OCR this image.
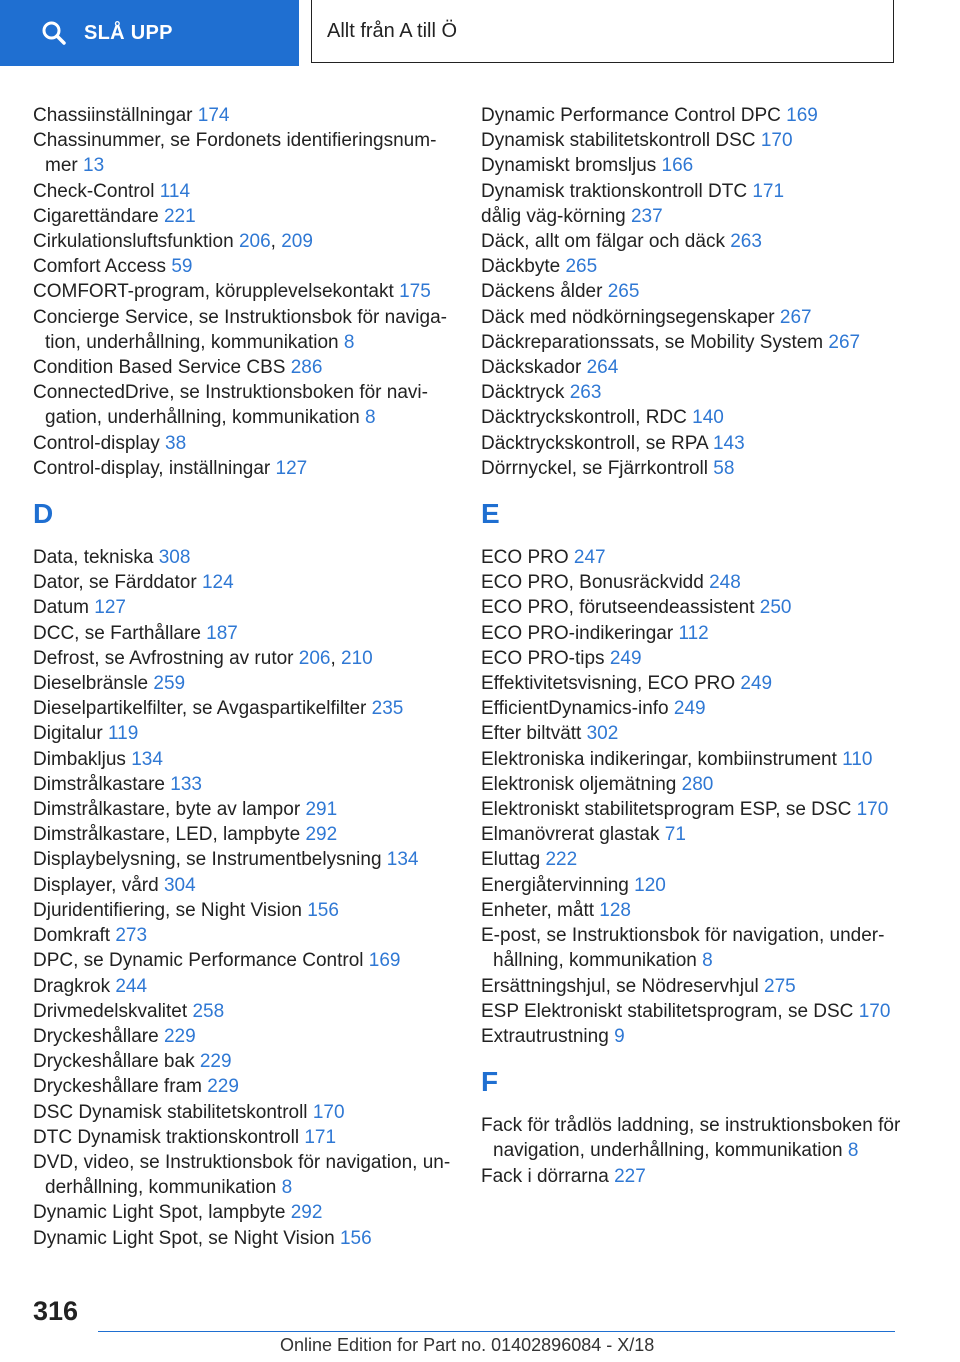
SLÅ UPP	Allt från A till Ö
Chassiinställningar 174
Chassinummer, se Fordonets identifieringsnum-mer 13
Check-Control 114
Cigarettändare 221
Cirkulationsluftsfunktion 206, 209
Comfort Access 59
COMFORT-program, körupplevelsekontakt 175
Concierge Service, se Instruktionsbok för naviga-tion, underhållning, kommunikation 8
Condition Based Service CBS 286
ConnectedDrive, se Instruktionsboken för navi-gation, underhållning, kommunikation 8
Control-display 38
Control-display, inställningar 127
D
Data, tekniska 308
Dator, se Färddator 124
Datum 127
DCC, se Farthållare 187
Defrost, se Avfrostning av rutor 206, 210
Dieselbränsle 259
Dieselpartikelfilter, se Avgaspartikelfilter 235
Digitalur 119
Dimbakljus 134
Dimstrålkastare 133
Dimstrålkastare, byte av lampor 291
Dimstrålkastare, LED, lampbyte 292
Displaybelysning, se Instrumentbelysning 134
Displayer, vård 304
Djuridentifiering, se Night Vision 156
Domkraft 273
DPC, se Dynamic Performance Control 169
Dragkrok 244
Drivmedelskvalitet 258
Dryckeshållare 229
Dryckeshållare bak 229
Dryckeshållare fram 229
DSC Dynamisk stabilitetskontroll 170
DTC Dynamisk traktionskontroll 171
DVD, video, se Instruktionsbok för navigation, un-derhållning, kommunikation 8
Dynamic Light Spot, lampbyte 292
Dynamic Light Spot, se Night Vision 156
Dynamic Performance Control DPC 169
Dynamisk stabilitetskontroll DSC 170
Dynamiskt bromsljus 166
Dynamisk traktionskontroll DTC 171
dålig väg-körning 237
Däck, allt om fälgar och däck 263
Däckbyte 265
Däckens ålder 265
Däck med nödkörningsegenskaper 267
Däckreparationssats, se Mobility System 267
Däckskador 264
Däcktryck 263
Däcktryckskontroll, RDC 140
Däcktryckskontroll, se RPA 143
Dörrnyckel, se Fjärrkontroll 58
E
ECO PRO 247
ECO PRO, Bonusräckvidd 248
ECO PRO, förutseendeassistent 250
ECO PRO-indikeringar 112
ECO PRO-tips 249
Effektivitetsvisning, ECO PRO 249
EfficientDynamics-info 249
Efter biltvätt 302
Elektroniska indikeringar, kombiinstrument 110
Elektronisk oljemätning 280
Elektroniskt stabilitetsprogram ESP, se DSC 170
Elmanövrerat glastak 71
Eluttag 222
Energiåtervinning 120
Enheter, mått 128
E-post, se Instruktionsbok för navigation, under-hållning, kommunikation 8
Ersättningshjul, se Nödreservhjul 275
ESP Elektroniskt stabilitetsprogram, se DSC 170
Extrautrustning 9
F
Fack för trådlös laddning, se instruktionsboken för navigation, underhållning, kommunikation 8
Fack i dörrarna 227
316
Online Edition for Part no. 01402896084 - X/18
